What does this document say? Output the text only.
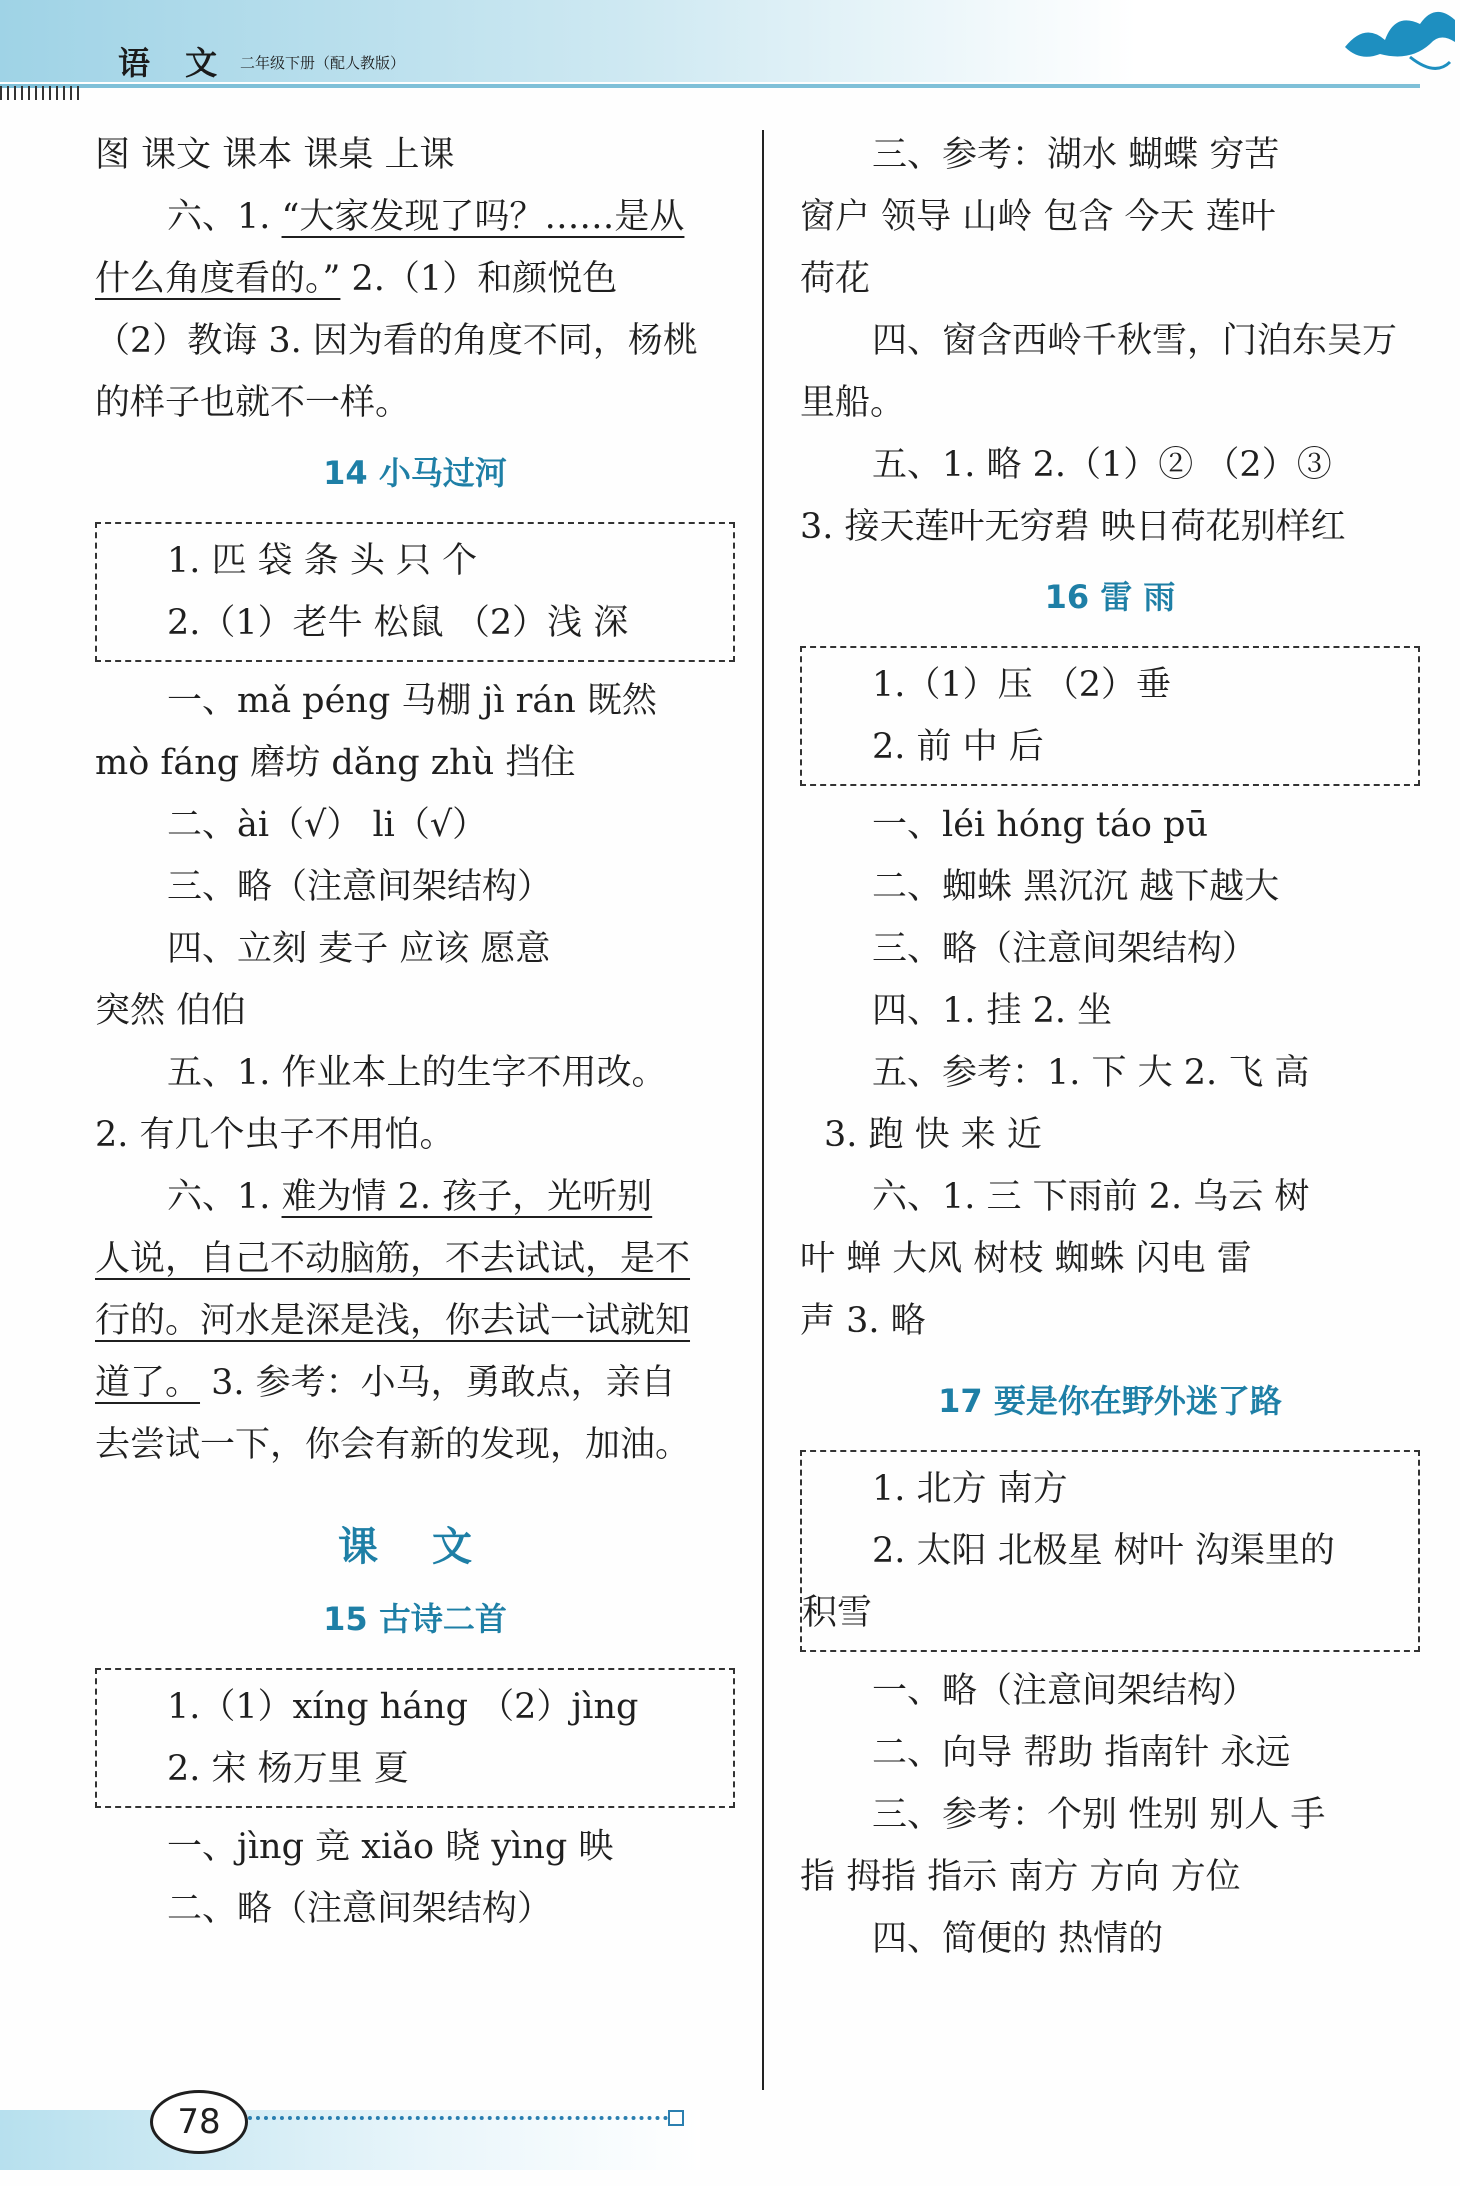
语 文 二年级下册（配人教版）
图 课文 课本 课桌 上课
六、1. “大家发现了吗？……是从
什么角度看的。” 2.（1）和颜悦色
（2）教诲 3. 因为看的角度不同，杨桃
的样子也就不一样。
14 小马过河
1. 匹 袋 条 头 只 个
2.（1）老牛 松鼠 （2）浅 深
一、mǎ péng 马棚 jì rán 既然
mò fáng 磨坊 dǎng zhù 挡住
二、ài（√） li（√）
三、略（注意间架结构）
四、立刻 麦子 应该 愿意
突然 伯伯
五、1. 作业本上的生字不用改。
2. 有几个虫子不用怕。
六、1. 难为情 2. 孩子，光听别
人说，自己不动脑筋，不去试试，是不
行的。河水是深是浅，你去试一试就知
道了。 3. 参考：小马，勇敢点，亲自
去尝试一下，你会有新的发现，加油。
课 文
15 古诗二首
1.（1）xíng háng （2）jìng
2. 宋 杨万里 夏
一、jìng 竞 xiǎo 晓 yìng 映
二、略（注意间架结构）
三、参考：湖水 蝴蝶 穷苦
窗户 领导 山岭 包含 今天 莲叶
荷花
四、窗含西岭千秋雪，门泊东吴万
里船。
五、1. 略 2.（1）② （2）③
3. 接天莲叶无穷碧 映日荷花别样红
16 雷 雨
1.（1）压 （2）垂
2. 前 中 后
一、léi hóng táo pū
二、蜘蛛 黑沉沉 越下越大
三、略（注意间架结构）
四、1. 挂 2. 坐
五、参考：1. 下 大 2. 飞 高
3. 跑 快 来 近
六、1. 三 下雨前 2. 乌云 树
叶 蝉 大风 树枝 蜘蛛 闪电 雷
声 3. 略
17 要是你在野外迷了路
1. 北方 南方
2. 太阳 北极星 树叶 沟渠里的
积雪
一、略（注意间架结构）
二、向导 帮助 指南针 永远
三、参考：个别 性别 别人 手
指 拇指 指示 南方 方向 方位
四、简便的 热情的
78
